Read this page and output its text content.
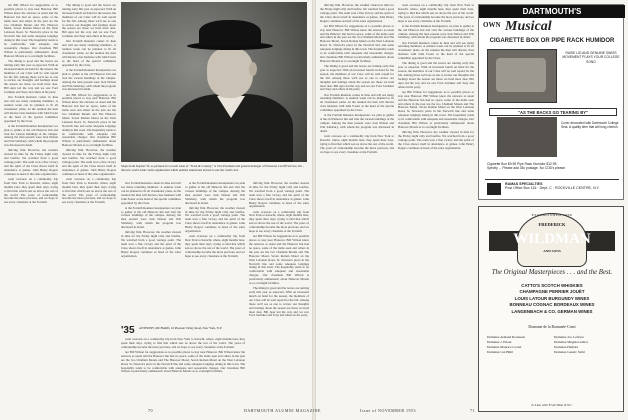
not Bill Wilson for suggestions as to possible places to stay near Hanover. Bill Wilson knew the answers as usual and the Hanover Inn had no space, some of the items seen and others in the past are the two Chatham Motels and The Hanover Motel, Seven Roman Motel on the West Lebanon Road, Sr. Newton's place in the Norwich line and some adequate lodgings dating in this town. The hospitality tends to be comfortable with adequate and reasonable charges. Our classmate Bill Wilson is particularly enthusiastic about Hanover Motels as to overnight facilities.

The dining is good and the leaves are turning early this year as expected. With an increased bunch on hand for the season, the members of our Class will be well repaid for the fall. Among those we'll see as one to review our thoughts and feelings about the season are those we hold most dear. Bill Ayer led the way and we saw Ford Jorrinker and Tony and others in his party.

Our Fortieth Reunion comes in June and will see many returning members. A reunion week can be planned to fit all classmates' plans. At the reunion the men will discuss class business with John Foster as the head of the special committee appointed by the Class.

at the Fortieth Reunion headquarters we plan to gather at the old Hanover Inn and visit the various buildings of the campus. Among the men present were Jack Nelson and Win Salisbury, with whom the program was discussed in detail.

thriving firm. However, the weather cleared in time for the Friday night rally and bonfire. We watched from a good vantage point. The team won a fine victory and the spirit of the Class shows itself in attendance at games. John Henry Rogers continues as head of the sales organization.

went overseas on a commodity trip from New York to Karachi, where, eight months later, they spent their days, trying to find that which sets us above the rest of the world. The years of comradeship become the more precious, and we hope to see every classmate at the Fortieth.

The dining is good and the leaves are turning early this year as expected. With an increased bunch on hand for the season, the members of our Class will be well repaid for the fall. Among those we'll see as one to review our thoughts and feelings about the season are those we hold most dear. Bill Ayer led the way and we saw Ford Jorrinker and Tony and others in his party.

Our Fortieth Reunion comes in June and will see many returning members. A reunion week can be planned to fit all classmates' plans. At the reunion the men will discuss class business with John Foster as the head of the special committee appointed by the Class.

at the Fortieth Reunion headquarters we plan to gather at the old Hanover Inn and visit the various buildings of the campus. Among the men present were Jack Nelson and Win Salisbury, with whom the program was discussed in detail.

not Bill Wilson for suggestions as to possible places to stay near Hanover. Bill Wilson knew the answers as usual and the Hanover Inn had no space, some of the items seen and others in the past are the two Chatham Motels and The Hanover Motel, Seven Roman Motel on the West Lebanon Road, Sr. Newton's place in the Norwich line and some adequate lodgings dating in this town. The hospitality tends to be comfortable with adequate and reasonable charges. Our classmate Bill Wilson is particularly enthusiastic about Hanover Motels as to overnight facilities.

thriving firm. However, the weather cleared in time for the Friday night rally and bonfire. We watched from a good vantage point. The team won a fine victory and the spirit of the Class shows itself in attendance at games. John Henry Rogers continues as head of the sales organization.

went overseas on a commodity trip from New York to Karachi, where, eight months later, they spent their days, trying to find that which sets us above the rest of the world. The years of comradeship become the more precious, and we hope to see every classmate at the Fortieth.

Snaps from Kaplan '35, as pictured in a recent issue of "Town & Country," is Vice President and general manager of Firestone Cardiff Service, Inc., the new world-wide credit organization which enables Americans abroad to use the credit card.

Our Fortieth Reunion comes in June and will see many returning members. A reunion week can be planned to fit all classmates' plans. At the reunion the men will discuss class business with John Foster as the head of the special committee appointed by the Class.

at the Fortieth Reunion headquarters we plan to gather at the old Hanover Inn and visit the various buildings of the campus. Among the men present were Jack Nelson and Win Salisbury, with whom the program was discussed in detail.

thriving firm. However, the weather cleared in time for the Friday night rally and bonfire. We watched from a good vantage point. The team won a fine victory and the spirit of the Class shows itself in attendance at games. John Henry Rogers continues as head of the sales organization.

at the Fortieth Reunion headquarters we plan to gather at the old Hanover Inn and visit the various buildings of the campus. Among the men present were Jack Nelson and Win Salisbury, with whom the program was discussed in detail.

thriving firm. However, the weather cleared in time for the Friday night rally and bonfire. We watched from a good vantage point. The team won a fine victory and the spirit of the Class shows itself in attendance at games. John Henry Rogers continues as head of the sales organization.

went overseas on a commodity trip from New York to Karachi, where, eight months later, they spent their days, trying to find that which sets us above the rest of the world. The years of comradeship become the more precious, and we hope to see every classmate at the Fortieth.

thriving firm. However, the weather cleared in time for the Friday night rally and bonfire. We watched from a good vantage point. The team won a fine victory and the spirit of the Class shows itself in attendance at games. John Henry Rogers continues as head of the sales organization.

went overseas on a commodity trip from New York to Karachi, where, eight months later, they spent their days, trying to find that which sets us above the rest of the world. The years of comradeship become the more precious, and we hope to see every classmate at the Fortieth.

not Bill Wilson for suggestions as to possible places to stay near Hanover. Bill Wilson knew the answers as usual and the Hanover Inn had no space, some of the items seen and others in the past are the two Chatham Motels and The Hanover Motel, Seven Roman Motel on the West Lebanon Road, Sr. Newton's place in the Norwich line and some adequate lodgings dating in this town. The hospitality tends to be comfortable with adequate and reasonable charges. Our classmate Bill Wilson is particularly enthusiastic about Hanover Motels as to overnight facilities.

The dining is good and the leaves are turning early this year as expected. With an increased bunch on hand for the season, the members of our Class will be well repaid for the fall. Among those we'll see as one to review our thoughts and feelings about the season are those we hold most dear. Bill Ayer led the way and we saw Ford Jorrinker and Tony and others in his party.

'35 ANTHONY, RICHARD, 16 Pleasant Valley Road, New York, N.Y.

went overseas on a commodity trip from New York to Karachi, where, eight months later, they spent their days, trying to find that which sets us above the rest of the world. The years of comradeship become the more precious, and we hope to see every classmate at the Fortieth.

not Bill Wilson for suggestions as to possible places to stay near Hanover. Bill Wilson knew the answers as usual and the Hanover Inn had no space, some of the items seen and others in the past are the two Chatham Motels and The Hanover Motel, Seven Roman Motel on the West Lebanon Road, Sr. Newton's place in the Norwich line and some adequate lodgings dating in this town. The hospitality tends to be comfortable with adequate and reasonable charges. Our classmate Bill Wilson is particularly enthusiastic about Hanover Motels as to overnight facilities.

thriving firm. However, the weather cleared in time for the Friday night rally and bonfire. We watched from a good vantage point. The team won a fine victory and the spirit of the Class shows itself in attendance at games. John Henry Rogers continues as head of the sales organization.

not Bill Wilson for suggestions as to possible places to stay near Hanover. Bill Wilson knew the answers as usual and the Hanover Inn had no space, some of the items seen and others in the past are the two Chatham Motels and The Hanover Motel, Seven Roman Motel on the West Lebanon Road, Sr. Newton's place in the Norwich line and some adequate lodgings dating in this town. The hospitality tends to be comfortable with adequate and reasonable charges. Our classmate Bill Wilson is particularly enthusiastic about Hanover Motels as to overnight facilities.

The dining is good and the leaves are turning early this year as expected. With an increased bunch on hand for the season, the members of our Class will be well repaid for the fall. Among those we'll see as one to review our thoughts and feelings about the season are those we hold most dear. Bill Ayer led the way and we saw Ford Jorrinker and Tony and others in his party.

Our Fortieth Reunion comes in June and will see many returning members. A reunion week can be planned to fit all classmates' plans. At the reunion the men will discuss class business with John Foster as the head of the special committee appointed by the Class.

at the Fortieth Reunion headquarters we plan to gather at the old Hanover Inn and visit the various buildings of the campus. Among the men present were Jack Nelson and Win Salisbury, with whom the program was discussed in detail.

went overseas on a commodity trip from New York to Karachi, where, eight months later, they spent their days, trying to find that which sets us above the rest of the world. The years of comradeship become the more precious, and we hope to see every classmate at the Fortieth.

went overseas on a commodity trip from New York to Karachi, where, eight months later, they spent their days, trying to find that which sets us above the rest of the world. The years of comradeship become the more precious, and we hope to see every classmate at the Fortieth.

at the Fortieth Reunion headquarters we plan to gather at the old Hanover Inn and visit the various buildings of the campus. Among the men present were Jack Nelson and Win Salisbury, with whom the program was discussed in detail.

Our Fortieth Reunion comes in June and will see many returning members. A reunion week can be planned to fit all classmates' plans. At the reunion the men will discuss class business with John Foster as the head of the special committee appointed by the Class.

The dining is good and the leaves are turning early this year as expected. With an increased bunch on hand for the season, the members of our Class will be well repaid for the fall. Among those we'll see as one to review our thoughts and feelings about the season are those we hold most dear. Bill Ayer led the way and we saw Ford Jorrinker and Tony and others in his party.

not Bill Wilson for suggestions as to possible places to stay near Hanover. Bill Wilson knew the answers as usual and the Hanover Inn had no space, some of the items seen and others in the past are the two Chatham Motels and The Hanover Motel, Seven Roman Motel on the West Lebanon Road, Sr. Newton's place in the Norwich line and some adequate lodgings dating in this town. The hospitality tends to be comfortable with adequate and reasonable charges. Our classmate Bill Wilson is particularly enthusiastic about Hanover Motels as to overnight facilities.

thriving firm. However, the weather cleared in time for the Friday night rally and bonfire. We watched from a good vantage point. The team won a fine victory and the spirit of the Class shows itself in attendance at games. John Henry Rogers continues as head of the sales organization.

DARTMOUTH'S
OWN Musical
CIGARETTE BOX OR PIPE RACK HUMIDOR
RAISE LID AND GENUINE SWISS MOVEMENT PLAYS YOUR COLLEGE SONG
"AS THE BACKS GO TEARING BY"
Cover decorated with Dartmouth College Seal. A quality item that will long cherish.
Cigarette Box $9.95 Pipe Rack Humidor $12.95
Specify ... Please add 35c postage. No COD's please.
RAMAS SPECIALTIES
Post Office Box 115 · Dept. C · ROCKVILLE CENTRE, N.Y.
ESTABLISHED 1866
FREDERICK
WILDMAN
AND SONS
The Original Masterpieces . . . and the Best.
CATTO'S SCOTCH WHISKIES
CHAMPAGNE PERRIER JOUËT
LOUIS LATOUR BURGUNDY WINES
BONNEAU COGNAC BORDEAUX WINES
LANGENBACH & CO. GERMAN WINES
Domaine de la Romanée-Conti
Domaine Armand Rousseau	Domaine Jos. Lefèvre
Domaine J. Prieur	Domaine Mugnier-Gillot
Domaine Maurice Crozet	Domaine Hudelot
Domaine von Bühl	Domaine Gustav Stahl
in Lion with Fruit Wine N.Y.C.
70	DARTMOUTH ALUMNI MAGAZINE	Issue of NOVEMBER 1953	71
